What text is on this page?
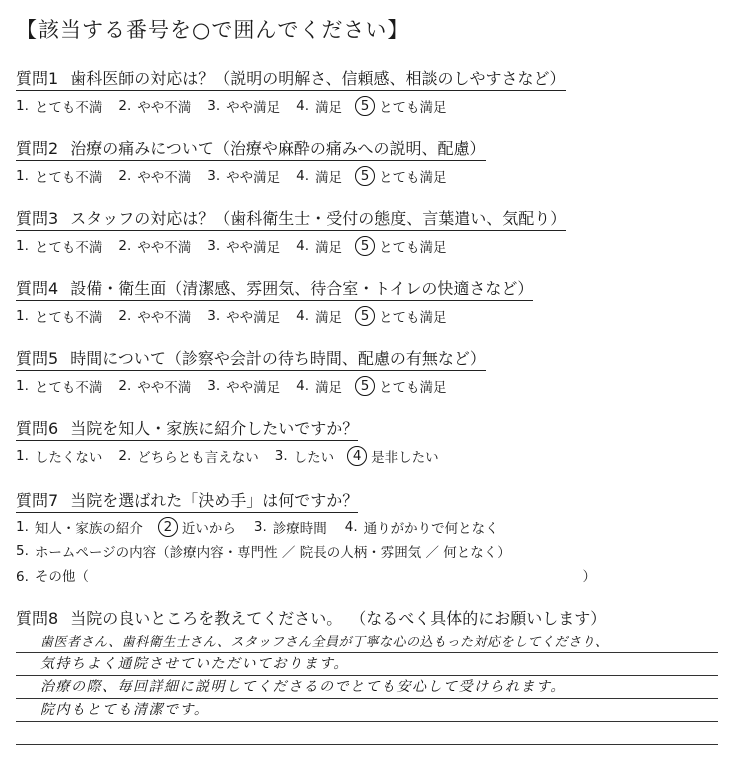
【該当する番号を○で囲んでください】
質問1 歯科医師の対応は？（説明の明解さ、信頼感、相談のしやすさなど）
1. とても不満 2. やや不満 3. やや満足 4. 満足	5 とても満足
質問2 治療の痛みについて（治療や麻酔の痛みへの説明、配慮）
1. とても不満 2. やや不満 3. やや満足 4. 満足	5 とても満足
質問3 スタッフの対応は？（歯科衛生士・受付の態度、言葉遣い、気配り）
1. とても不満 2. やや不満 3. やや満足 4. 満足	5 とても満足
質問4 設備・衛生面（清潔感、雰囲気、待合室・トイレの快適さなど）
1. とても不満 2. やや不満 3. やや満足 4. 満足	5 とても満足
質問5 時間について（診察や会計の待ち時間、配慮の有無など）
1. とても不満 2. やや不満 3. やや満足 4. 満足	5 とても満足
質問6 当院を知人・家族に紹介したいですか？
1. したくない 2. どちらとも言えない 3. したい	4 是非したい
質問7 当院を選ばれた「決め手」は何ですか？
1. 知人・家族の紹介	2 近いから 3. 診療時間 4. 通りがかりで何となく
5. ホームページの内容（診療内容・専門性 ／ 院長の人柄・雰囲気 ／ 何となく）
6. その他（	）
質問8 当院の良いところを教えてください。 （なるべく具体的にお願いします）
歯医者さん、歯科衛生士さん、スタッフさん全員が丁寧な心の込もった対応をしてくださり、
気持ちよく通院させていただいております。
治療の際、毎回詳細に説明してくださるのでとても安心して受けられます。
院内もとても清潔です。
